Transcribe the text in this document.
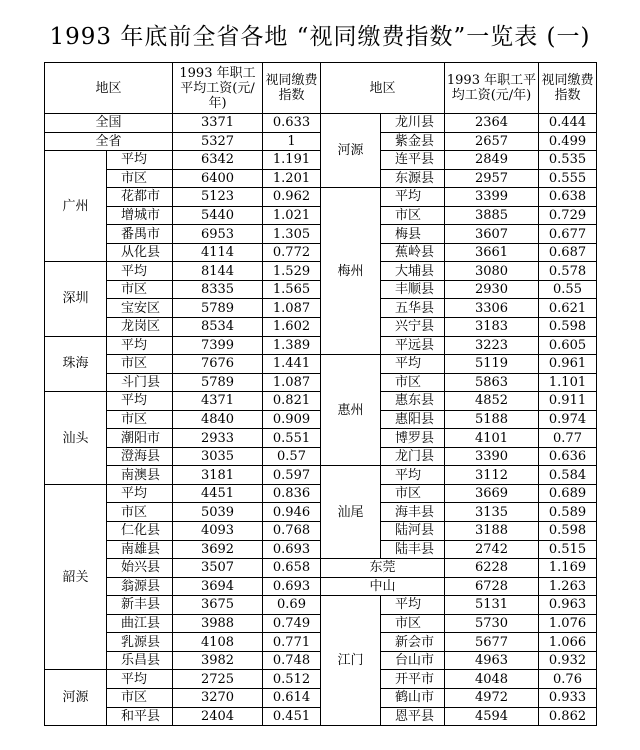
1993 年底前全省各地 “视同缴费指数”一览表 (一)
地区		1993 年职工平均工资(元/年)	视同缴费指数	地区		1993 年职工平均工资(元/年)	视同缴费指数
全国		3371	0.633	河源	龙川县	2364	0.444
全省		5327	1		紫金县	2657	0.499
广州	平均	6342	1.191		连平县	2849	0.535
	市区	6400	1.201		东源县	2957	0.555
	花都市	5123	0.962	梅州	平均	3399	0.638
	增城市	5440	1.021		市区	3885	0.729
	番禺市	6953	1.305		梅县	3607	0.677
	从化县	4114	0.772		蕉岭县	3661	0.687
深圳	平均	8144	1.529		大埔县	3080	0.578
	市区	8335	1.565		丰顺县	2930	0.55
	宝安区	5789	1.087		五华县	3306	0.621
	龙岗区	8534	1.602		兴宁县	3183	0.598
珠海	平均	7399	1.389		平远县	3223	0.605
	市区	7676	1.441	惠州	平均	5119	0.961
	斗门县	5789	1.087		市区	5863	1.101
汕头	平均	4371	0.821		惠东县	4852	0.911
	市区	4840	0.909		惠阳县	5188	0.974
	潮阳市	2933	0.551		博罗县	4101	0.77
	澄海县	3035	0.57		龙门县	3390	0.636
	南澳县	3181	0.597	汕尾	平均	3112	0.584
韶关	平均	4451	0.836		市区	3669	0.689
	市区	5039	0.946		海丰县	3135	0.589
	仁化县	4093	0.768		陆河县	3188	0.598
	南雄县	3692	0.693		陆丰县	2742	0.515
	始兴县	3507	0.658	东莞		6228	1.169
	翁源县	3694	0.693	中山		6728	1.263
	新丰县	3675	0.69	江门	平均	5131	0.963
	曲江县	3988	0.749		市区	5730	1.076
	乳源县	4108	0.771		新会市	5677	1.066
	乐昌县	3982	0.748		台山市	4963	0.932
河源	平均	2725	0.512		开平市	4048	0.76
	市区	3270	0.614		鹤山市	4972	0.933
	和平县	2404	0.451		恩平县	4594	0.862
